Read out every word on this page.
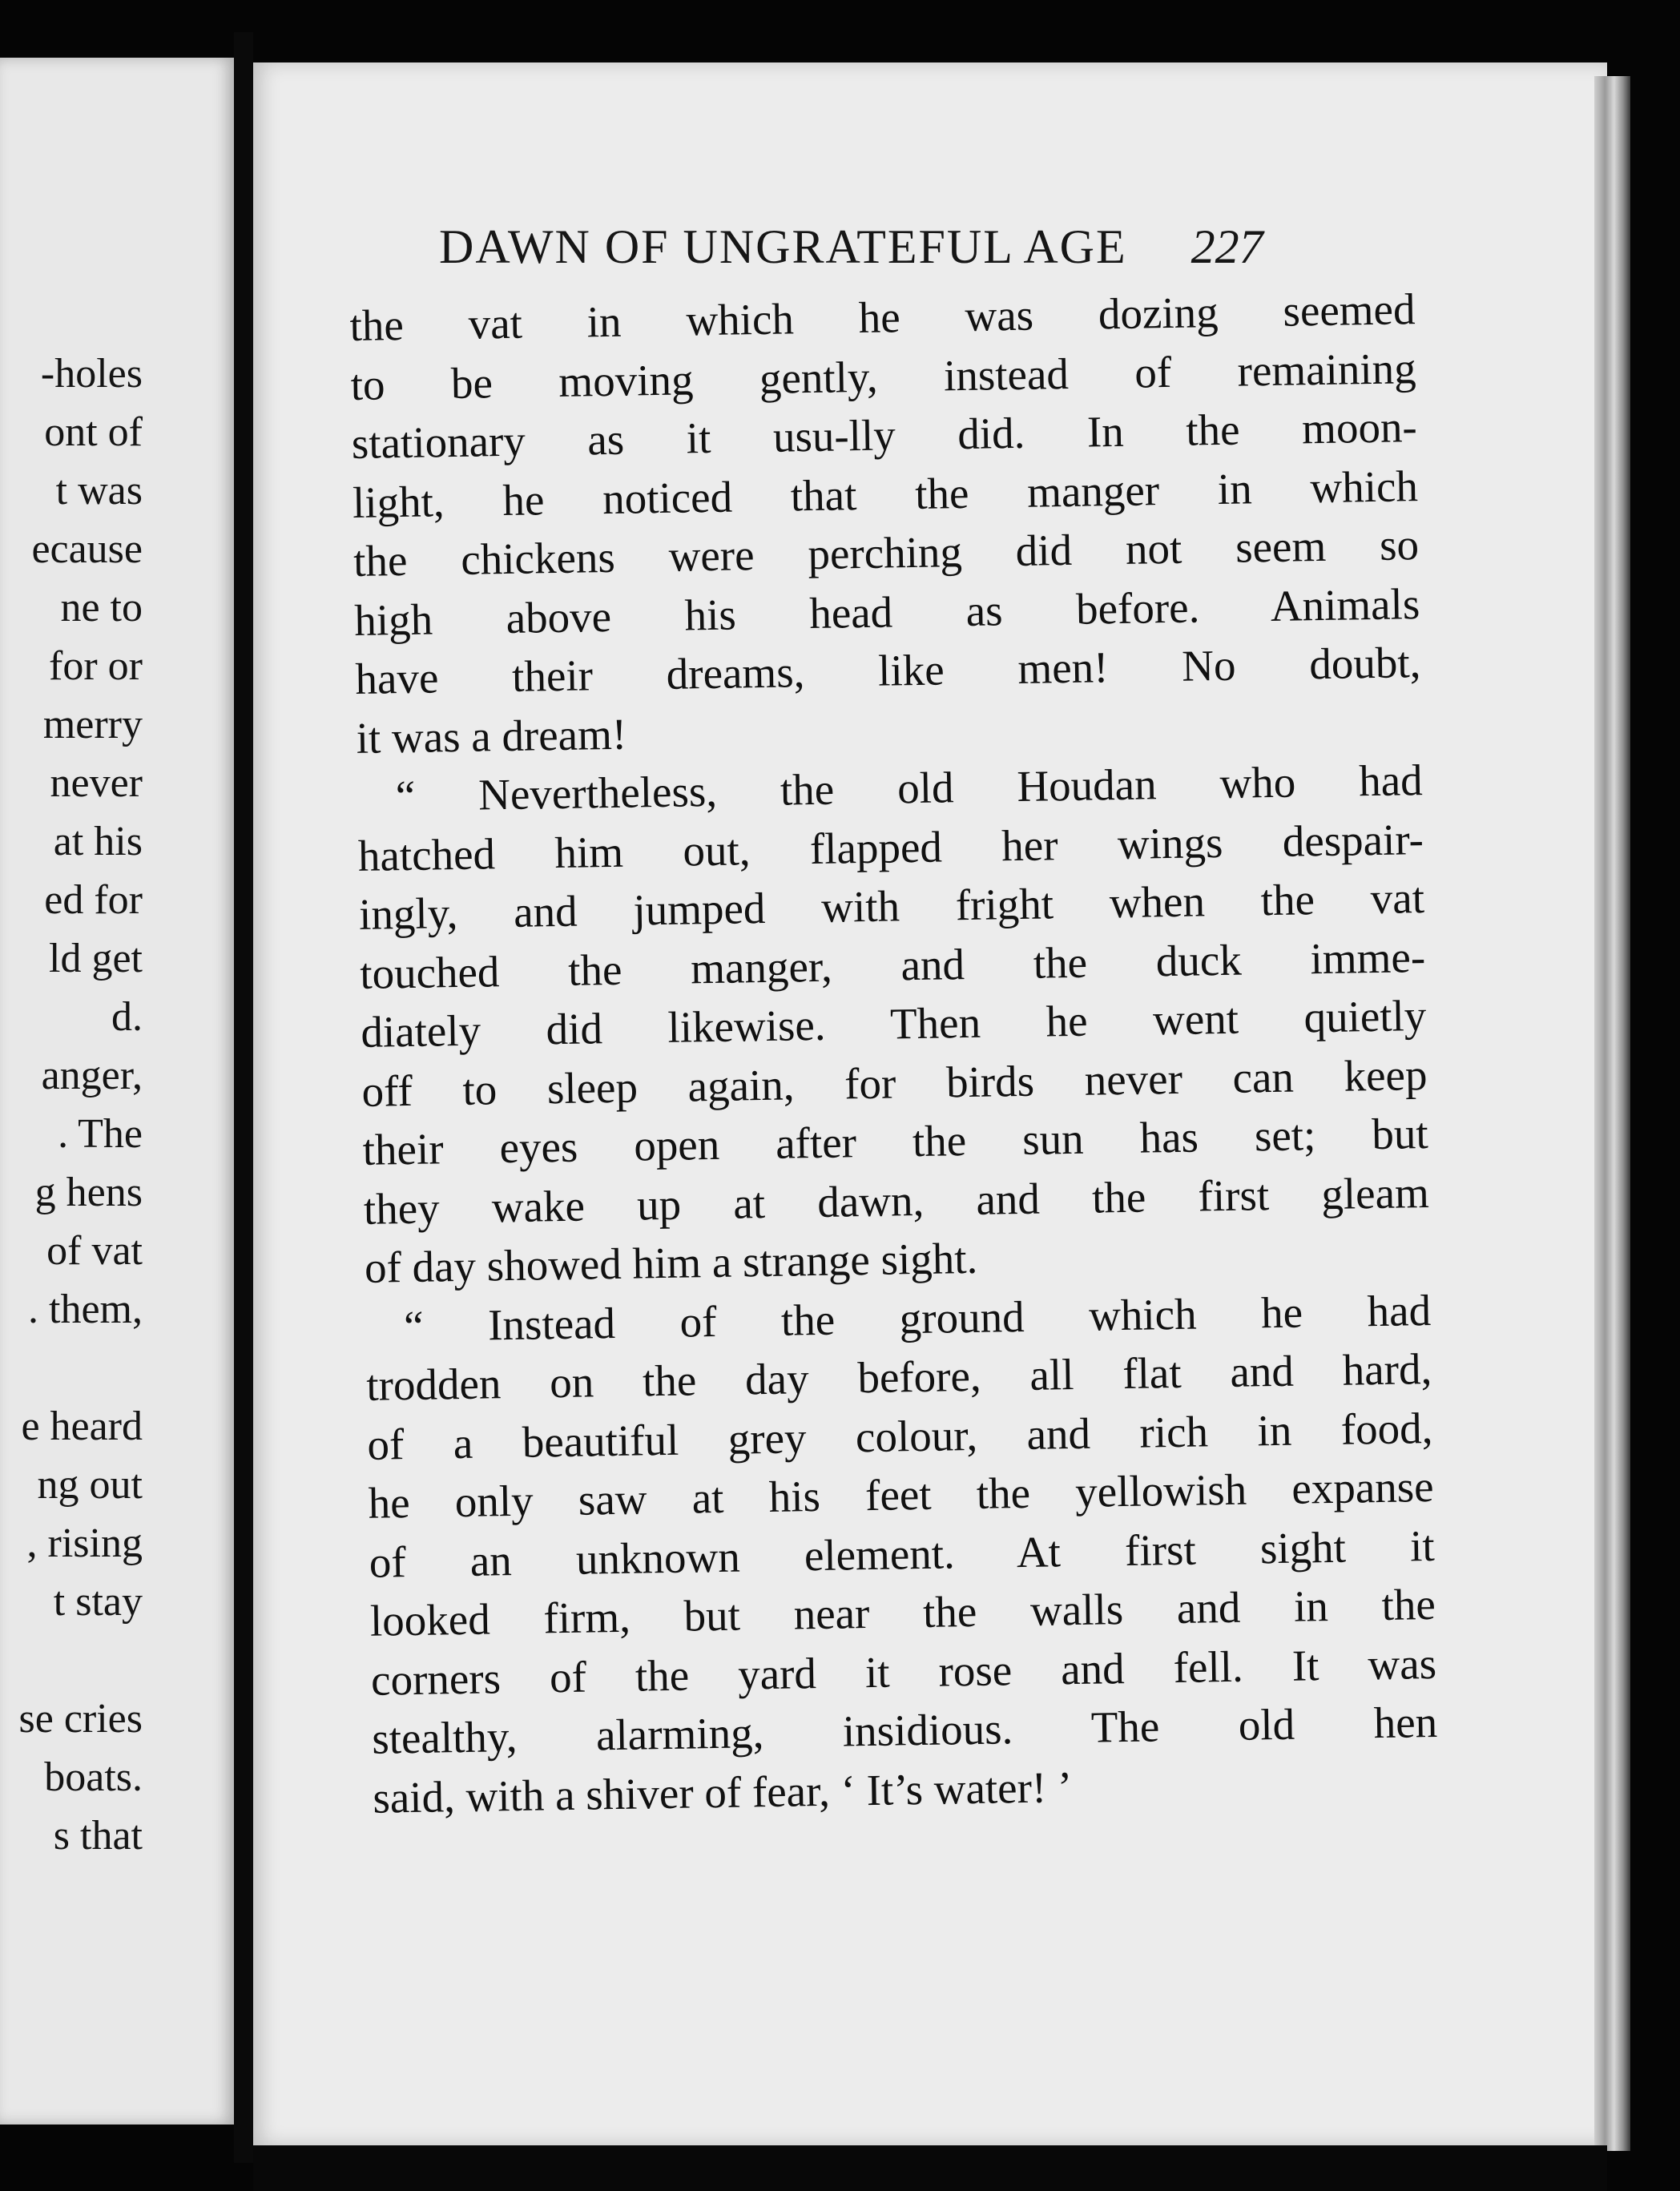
-holes
ont of
t was
ecause
ne to
for or
merry
never
at his
ed for
ld get
d.
anger,
. The
g hens
of vat
. them,

e heard
ng out
, rising
t stay

se cries
boats.
s that
DAWN OF UNGRATEFUL AGE 227
the vat in which he was dozing seemed
to be moving gently, instead of remaining
stationary as it usu-lly did. In the moon-
light, he noticed that the manger in which
the chickens were perching did not seem so
high above his head as before. Animals
have their dreams, like men! No doubt,
it was a dream!
“ Nevertheless, the old Houdan who had
hatched him out, flapped her wings despair-
ingly, and jumped with fright when the vat
touched the manger, and the duck imme-
diately did likewise. Then he went quietly
off to sleep again, for birds never can keep
their eyes open after the sun has set; but
they wake up at dawn, and the first gleam
of day showed him a strange sight.
“ Instead of the ground which he had
trodden on the day before, all flat and hard,
of a beautiful grey colour, and rich in food,
he only saw at his feet the yellowish expanse
of an unknown element. At first sight it
looked firm, but near the walls and in the
corners of the yard it rose and fell. It was
stealthy, alarming, insidious. The old hen
said, with a shiver of fear, ‘ It’s water! ’
